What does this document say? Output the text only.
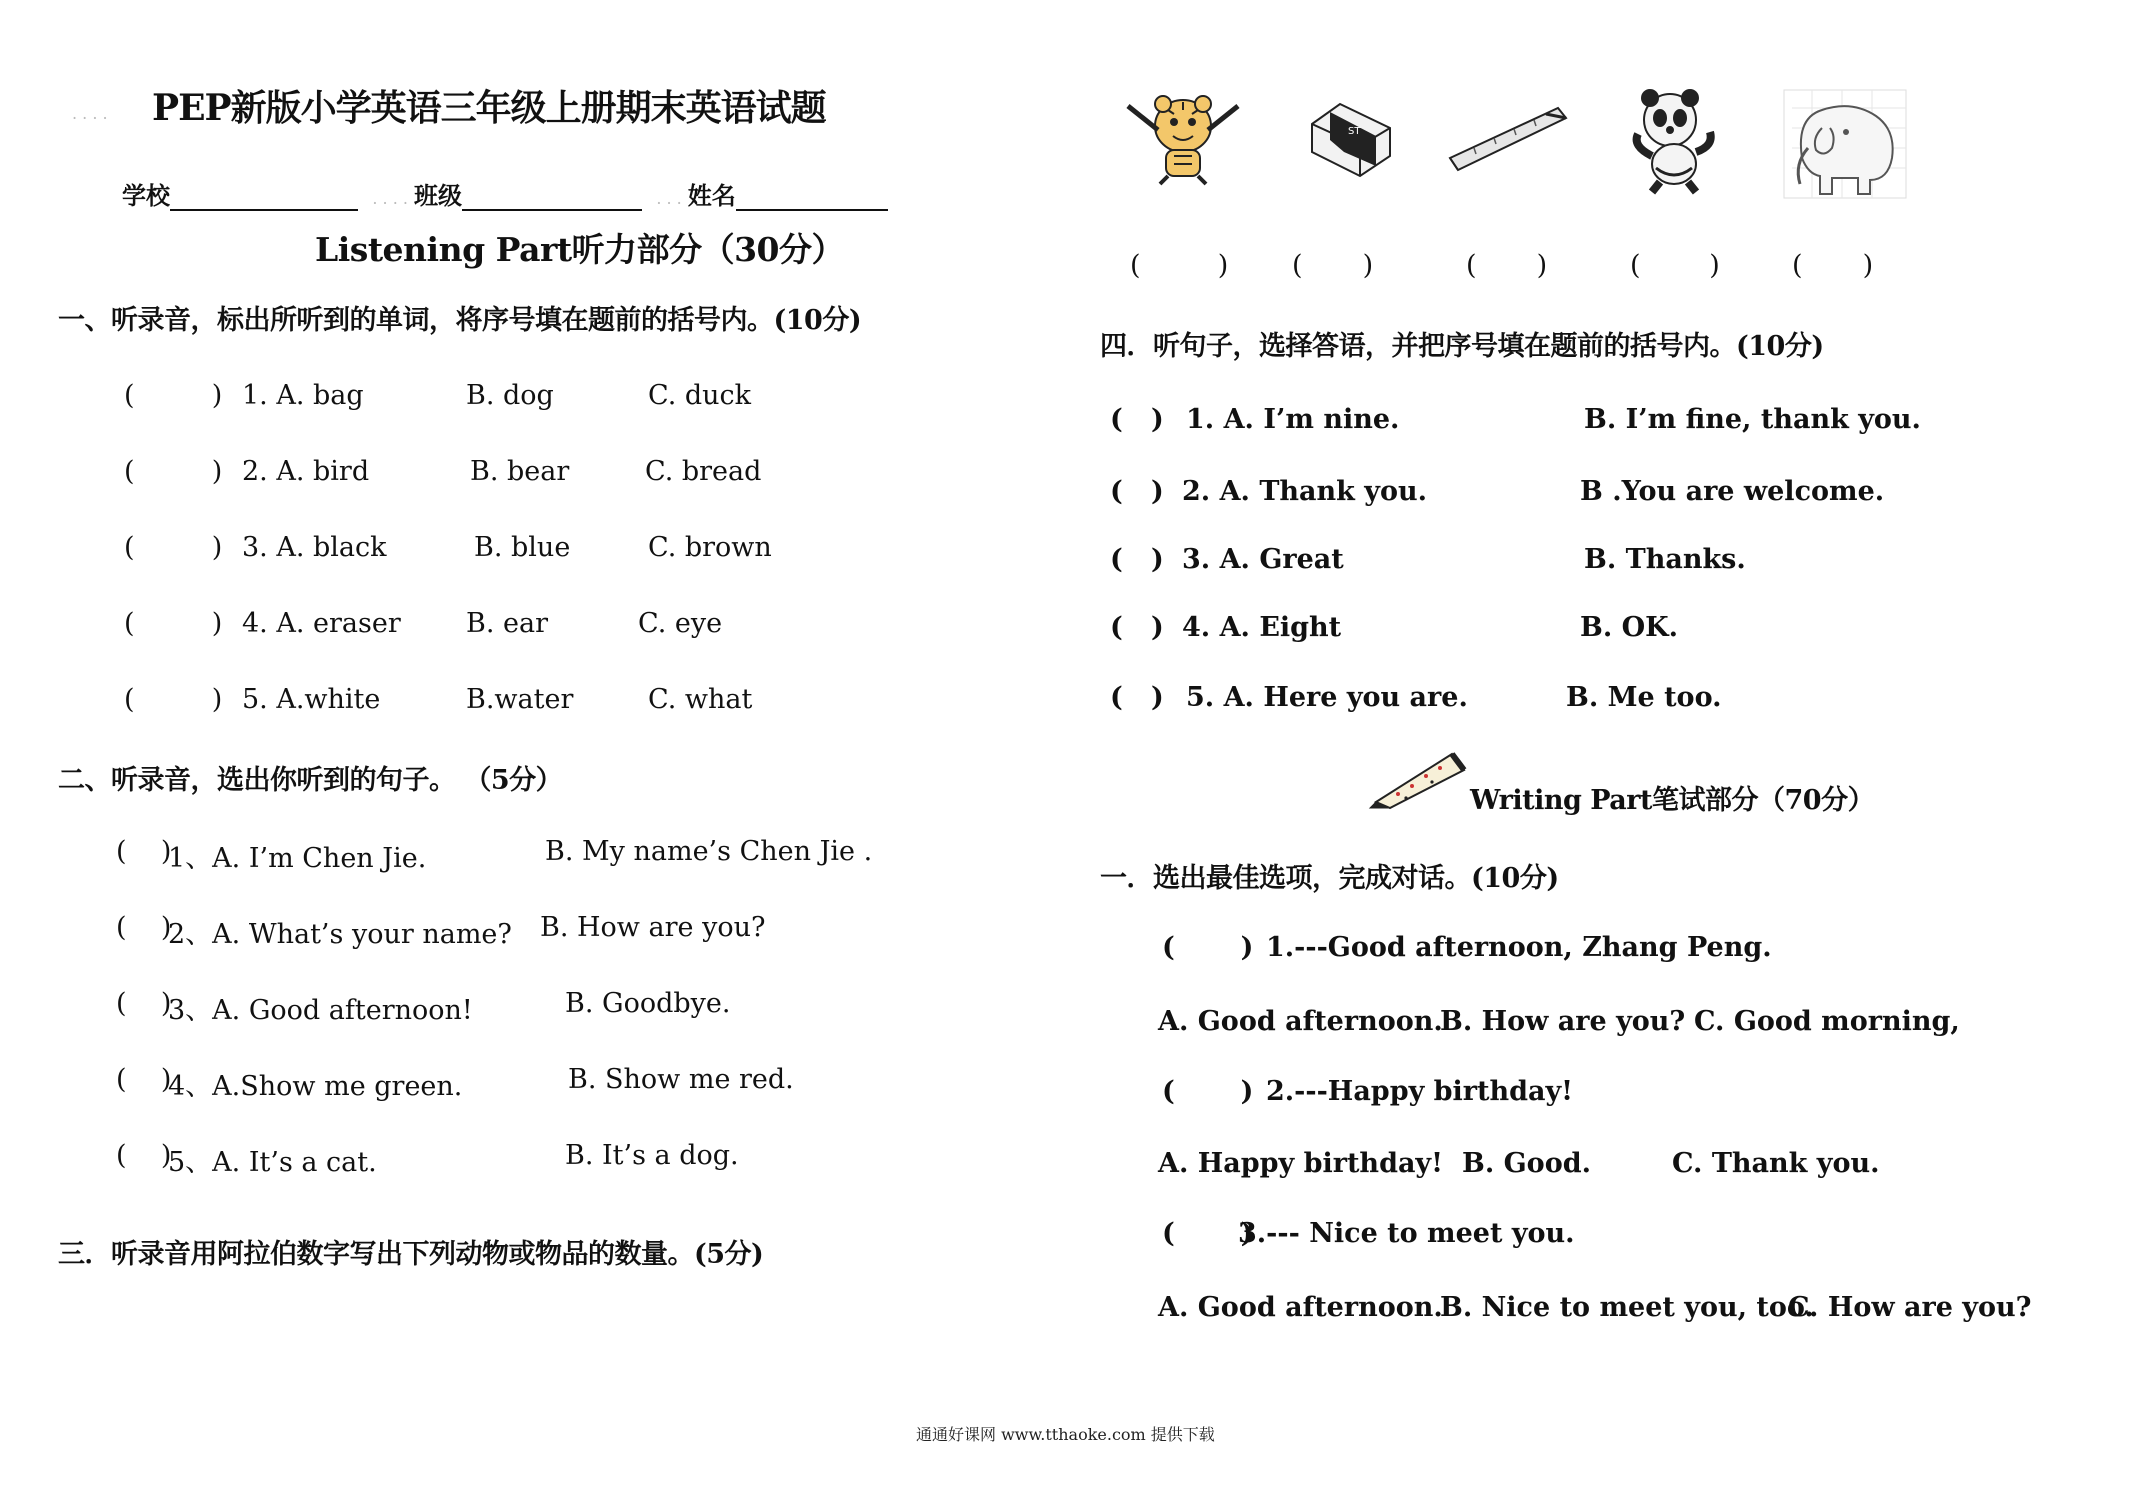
. . . . PEP新版小学英语三年级上册期末英语试题
学校	. . . . 班级	. . . 姓名
Listening Part听力部分（30分）
一、听录音，标出所听到的单词，将序号填在题前的括号内。(10分)
(         ) 1. A. bag	B. dog	C. duck
(         ) 2. A. bird	B. bear	C. bread
(         ) 3. A. black	B. blue	C. brown
(         ) 4. A. eraser B. ear	C. eye
(         ) 5. A.white	B.water	C. what
二、听录音，选出你听到的句子。 （5分）
(    )
1、A. I’m Chen Jie.	B. My name’s Chen Jie .
(    )
2、A. What’s your name? B. How are you?
(    )
3、A. Good afternoon!	B. Goodbye.
(    )
4、A.Show me green.	B. Show me red.
(    )
5、A. It’s a cat.	B. It’s a dog.
三．听录音用阿拉伯数字写出下列动物或物品的数量。(5分)
ST
(         ) (       )	(       )	(        )	(       )
四．听句子，选择答语，并把序号填在题前的括号内。(10分)
(   ) 1. A. I’m nine.	B. I’m fine, thank you.
(   ) 2. A. Thank you.	B .You are welcome.
(   ) 3. A. Great	B. Thanks.
(   ) 4. A. Eight	B. OK.
(   ) 5. A. Here you are.	B. Me too.
Writing Part笔试部分（70分）
一．选出最佳选项，完成对话。(10分)
(       ) 1.---Good afternoon, Zhang Peng.
A. Good afternoon.
B. How are you? C. Good morning,
(       ) 2.---Happy birthday!
A. Happy birthday! B. Good.	C. Thank you.
(       )
3.--- Nice to meet you.
A. Good afternoon.
B. Nice to meet you, too.
C. How are you?
通通好课网 www.tthaoke.com 提供下载
